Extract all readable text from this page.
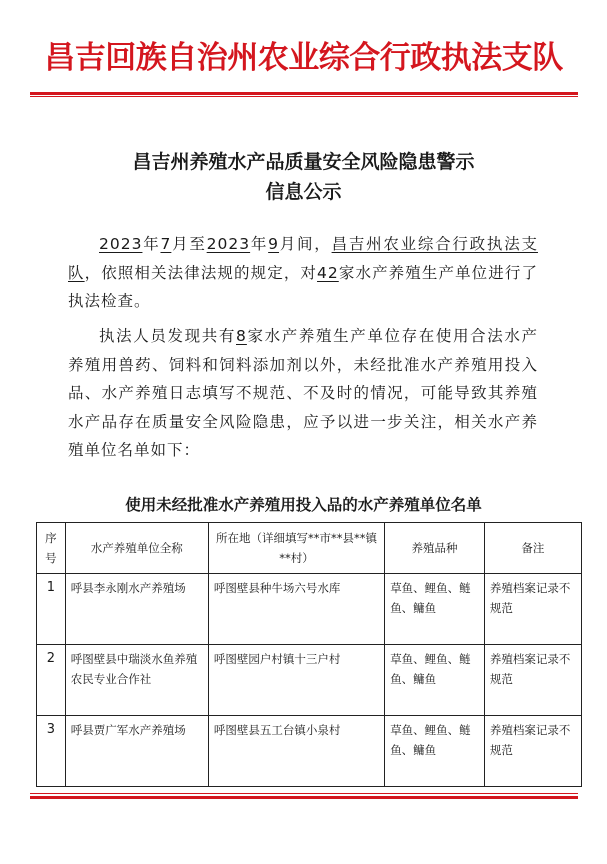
昌吉回族自治州农业综合行政执法支队
昌吉州养殖水产品质量安全风险隐患警示
信息公示
2023年7月至2023年9月间，昌吉州农业综合行政执法支队，依照相关法律法规的规定，对42家水产养殖生产单位进行了执法检查。
执法人员发现共有8家水产养殖生产单位存在使用合法水产养殖用兽药、饲料和饲料添加剂以外，未经批准水产养殖用投入品、水产养殖日志填写不规范、不及时的情况，可能导致其养殖水产品存在质量安全风险隐患，应予以进一步关注，相关水产养殖单位名单如下：
使用未经批准水产养殖用投入品的水产养殖单位名单
序号	水产养殖单位全称	所在地（详细填写**市**县**镇**村）	养殖品种	备注
1	呼县李永刚水产养殖场	呼图壁县种牛场六号水库	草鱼、鲤鱼、鲢鱼、鳙鱼	养殖档案记录不规范
2	呼图壁县中瑞淡水鱼养殖农民专业合作社	呼图壁园户村镇十三户村	草鱼、鲤鱼、鲢鱼、鳙鱼	养殖档案记录不规范
3	呼县贾广军水产养殖场	呼图壁县五工台镇小泉村	草鱼、鲤鱼、鲢鱼、鳙鱼	养殖档案记录不规范
